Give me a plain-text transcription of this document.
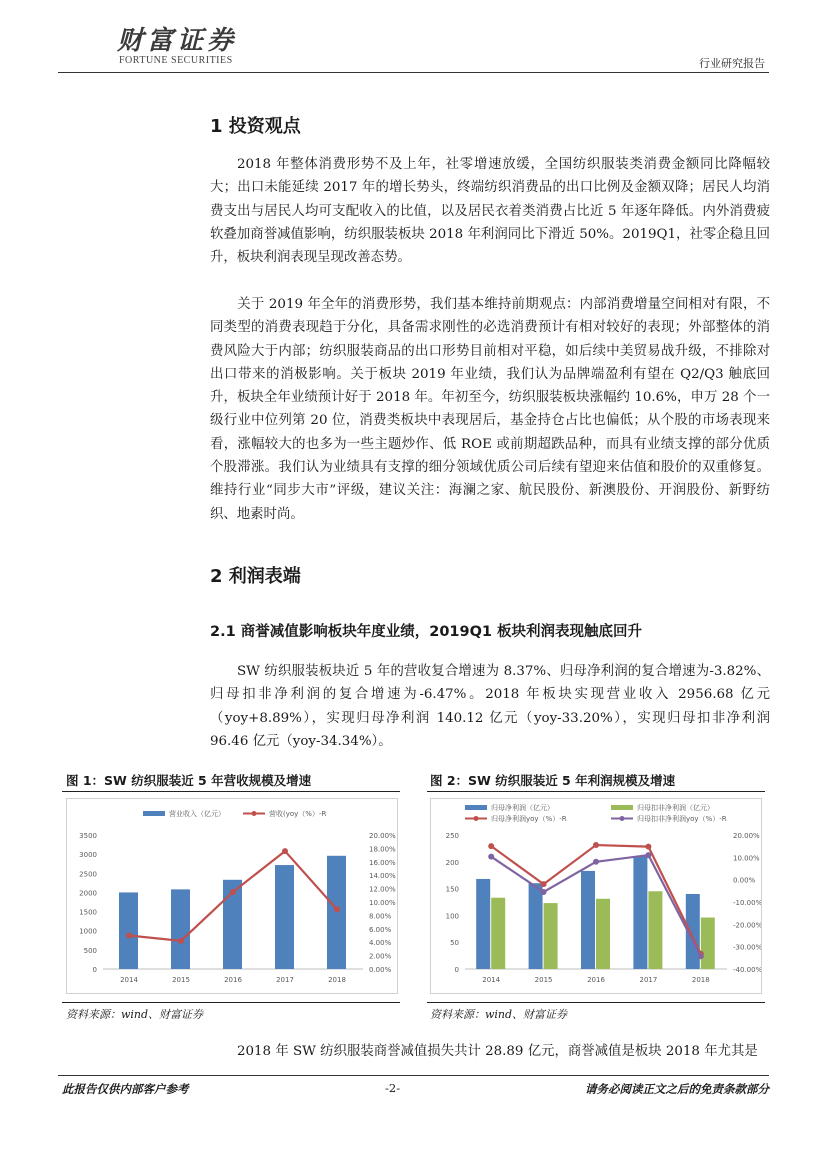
财富证券
FORTUNE SECURITIES	行业研究报告
1 投资观点

2018 年整体消费形势不及上年，社零增速放缓，全国纺织服装类消费金额同比降幅较大；出口未能延续 2017 年的增长势头，终端纺织消费品的出口比例及金额双降；居民人均消费支出与居民人均可支配收入的比值，以及居民衣着类消费占比近 5 年逐年降低。内外消费疲软叠加商誉减值影响，纺织服装板块 2018 年利润同比下滑近 50%。2019Q1，社零企稳且回升，板块利润表现呈现改善态势。

关于 2019 年全年的消费形势，我们基本维持前期观点：内部消费增量空间相对有限，不同类型的消费表现趋于分化，具备需求刚性的必选消费预计有相对较好的表现；外部整体的消费风险大于内部；纺织服装商品的出口形势目前相对平稳，如后续中美贸易战升级，不排除对出口带来的消极影响。关于板块 2019 年业绩，我们认为品牌端盈利有望在 Q2/Q3 触底回升，板块全年业绩预计好于 2018 年。年初至今，纺织服装板块涨幅约 10.6%，申万 28 个一级行业中位列第 20 位，消费类板块中表现居后，基金持仓占比也偏低；从个股的市场表现来看，涨幅较大的也多为一些主题炒作、低 ROE 或前期超跌品种，而具有业绩支撑的部分优质个股滞涨。我们认为业绩具有支撑的细分领域优质公司后续有望迎来估值和股价的双重修复。维持行业“同步大市”评级，建议关注：海澜之家、航民股份、新澳股份、开润股份、新野纺织、地素时尚。

2 利润表端
2.1 商誉减值影响板块年度业绩，2019Q1 板块利润表现触底回升

SW 纺织服装板块近 5 年的营收复合增速为 8.37%、归母净利润的复合增速为-3.82%、归母扣非净利润的复合增速为-6.47%。2018 年板块实现营业收入 2956.68 亿元（yoy+8.89%），实现归母净利润 140.12 亿元（yoy-33.20%），实现归母扣非净利润 96.46 亿元（yoy-34.34%）。

图 1：SW 纺织服装近 5 年营收规模及增速
0
500
1000
1500
2000
2500
3000
3500
0.00%
2.00%
4.00%
6.00%
8.00%
10.00%
12.00%
14.00%
16.00%
18.00%
20.00%
2014	2015	2016	2017	2018
营业收入（亿元）	营收(yoy（%）-R
资料来源：wind、财富证券
图 2：SW 纺织服装近 5 年利润规模及增速
0
50
100
150
200
250
-40.00%
-30.00%
-20.00%
-10.00%
0.00%
10.00%
20.00%
2014	2015	2016	2017	2018
归母净利润（亿元）	归母扣非净利润（亿元）
归母净利润yoy（%）-R	归母扣非净利润yoy（%）-R
资料来源：wind、财富证券

2018 年 SW 纺织服装商誉减值损失共计 28.89 亿元，商誉减值是板块 2018 年尤其是

此报告仅供内部客户参考	-2-	请务必阅读正文之后的免责条款部分
